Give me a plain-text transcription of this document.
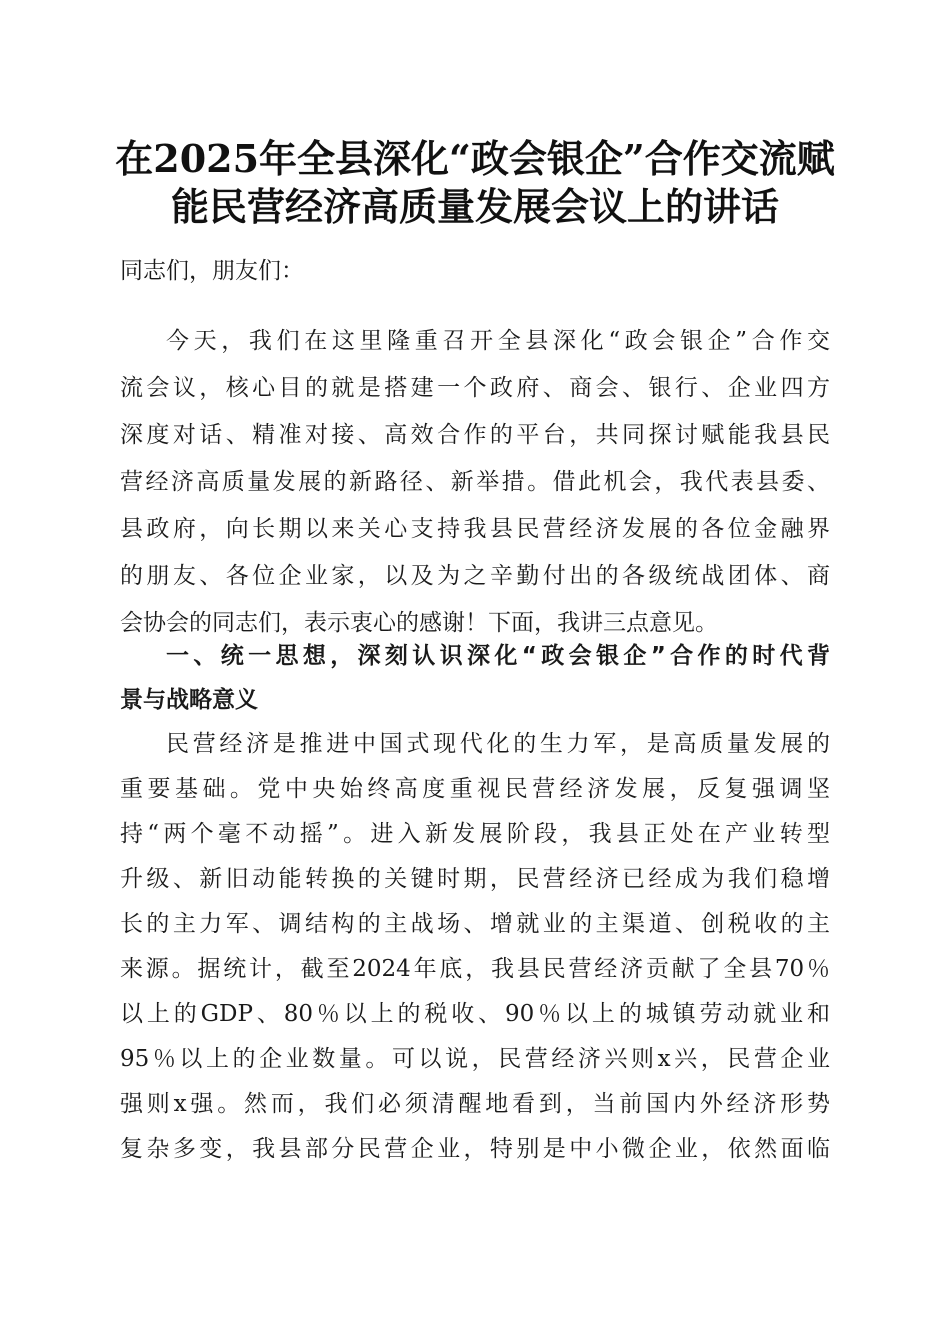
在2025年全县深化“政会银企”合作交流赋
能民营经济高质量发展会议上的讲话
同志们，朋友们：
今天，我们在这里隆重召开全县深化“政会银企”合作交
流会议，核心目的就是搭建一个政府、商会、银行、企业四方
深度对话、精准对接、高效合作的平台，共同探讨赋能我县民
营经济高质量发展的新路径、新举措。借此机会，我代表县委、
县政府，向长期以来关心支持我县民营经济发展的各位金融界
的朋友、各位企业家，以及为之辛勤付出的各级统战团体、商
会协会的同志们，表示衷心的感谢！下面，我讲三点意见。
一、统一思想，深刻认识深化“政会银企”合作的时代背
景与战略意义
民营经济是推进中国式现代化的生力军，是高质量发展的
重要基础。党中央始终高度重视民营经济发展，反复强调坚
持“两个毫不动摇”。进入新发展阶段，我县正处在产业转型
升级、新旧动能转换的关键时期，民营经济已经成为我们稳增
长的主力军、调结构的主战场、增就业的主渠道、创税收的主
来源。据统计，截至2024年底，我县民营经济贡献了全县70％
以上的GDP、80％以上的税收、90％以上的城镇劳动就业和
95％以上的企业数量。可以说，民营经济兴则x兴，民营企业
强则x强。然而，我们必须清醒地看到，当前国内外经济形势
复杂多变，我县部分民营企业，特别是中小微企业，依然面临
